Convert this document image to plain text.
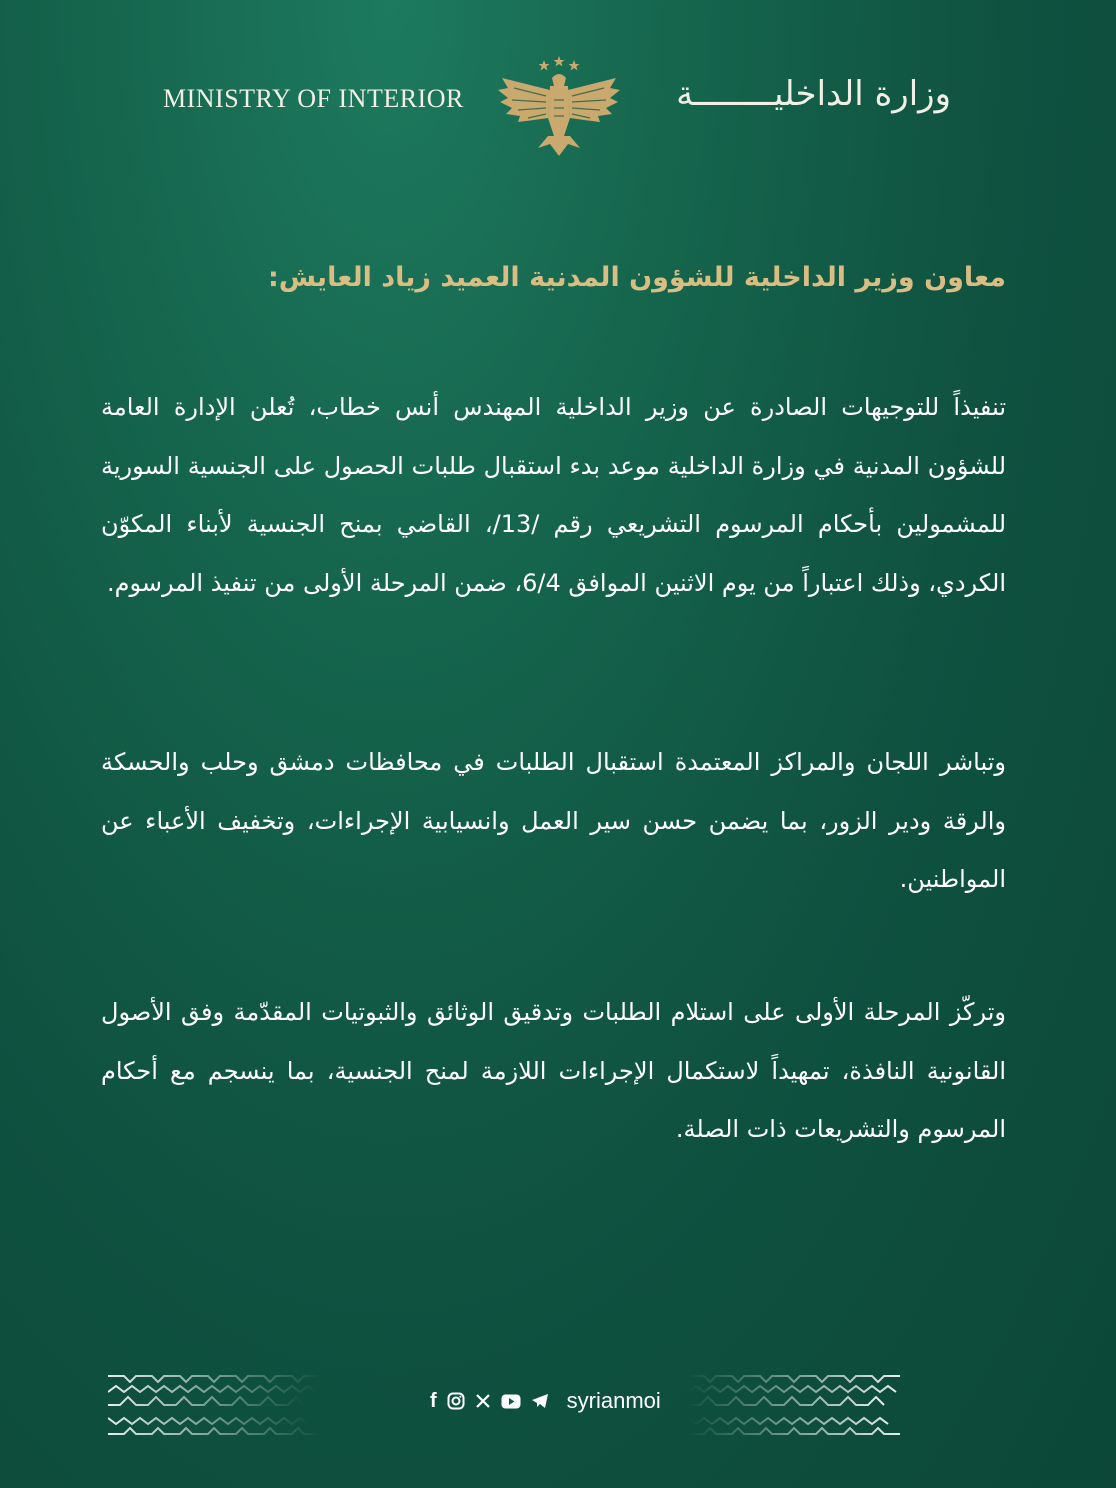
MINISTRY OF INTERIOR	وزارة الداخليــــــــة
معاون وزير الداخلية للشؤون المدنية العميد زياد العايش:

تنفيذاً للتوجيهات الصادرة عن وزير الداخلية المهندس أنس خطاب، تُعلن الإدارة العامة للشؤون المدنية في وزارة الداخلية موعد بدء استقبال طلبات الحصول على الجنسية السورية للمشمولين بأحكام المرسوم التشريعي رقم /13/، القاضي بمنح الجنسية لأبناء المكوّن الكردي، وذلك اعتباراً من يوم الاثنين الموافق 6/4، ضمن المرحلة الأولى من تنفيذ المرسوم.

وتباشر اللجان والمراكز المعتمدة استقبال الطلبات في محافظات دمشق وحلب والحسكة والرقة ودير الزور، بما يضمن حسن سير العمل وانسيابية الإجراءات، وتخفيف الأعباء عن المواطنين.

وتركّز المرحلة الأولى على استلام الطلبات وتدقيق الوثائق والثبوتيات المقدّمة وفق الأصول القانونية النافذة، تمهيداً لاستكمال الإجراءات اللازمة لمنح الجنسية، بما ينسجم مع أحكام المرسوم والتشريعات ذات الصلة.

f	syrianmoi
